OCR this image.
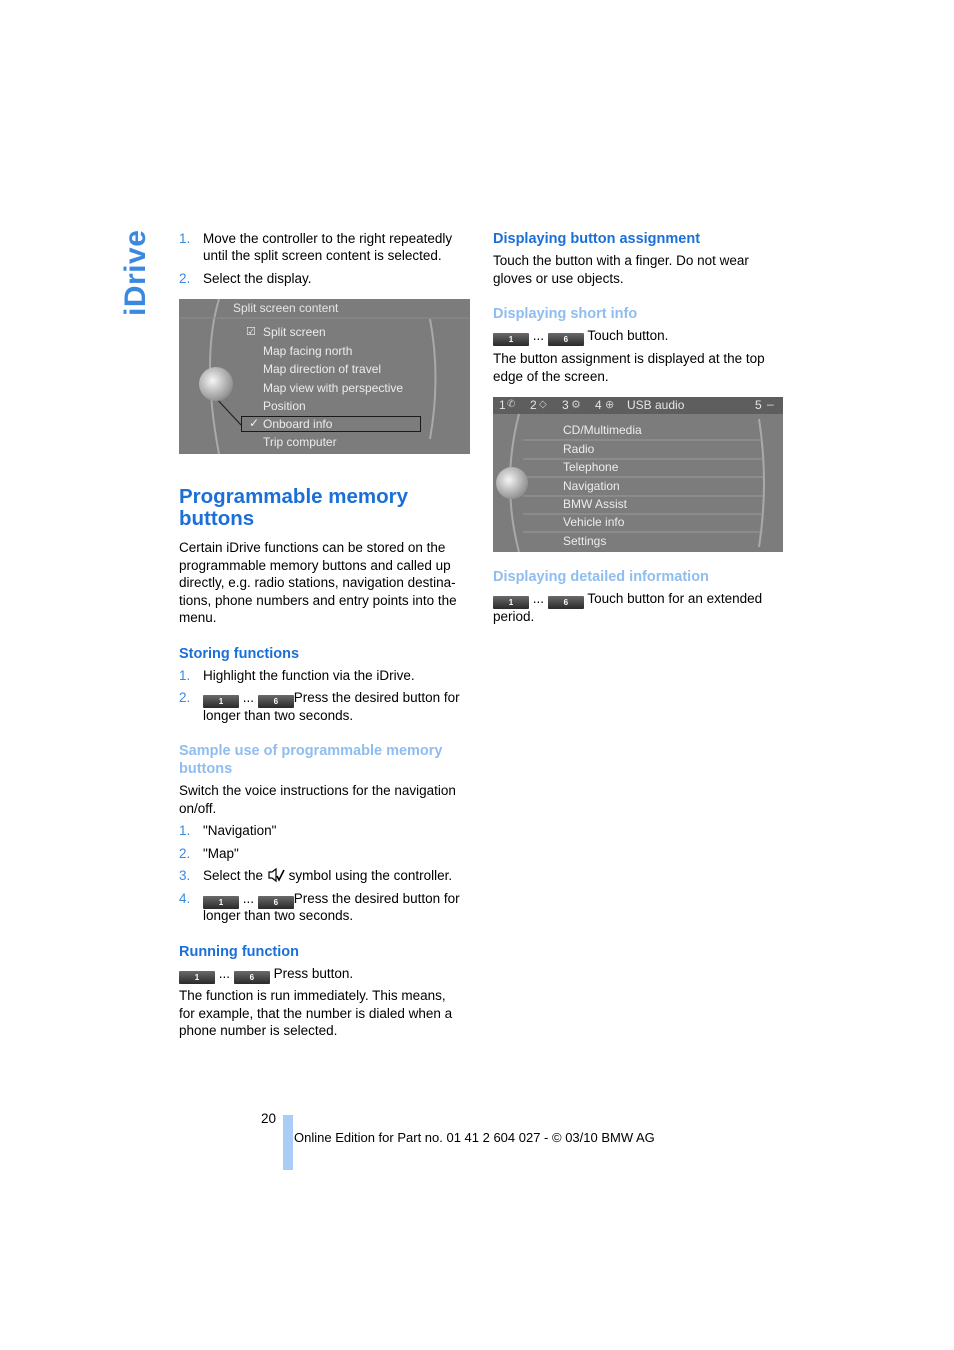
iDrive 1. Move the controller to the right repeatedly
until the split screen content is selected.
2. Select the display.
Split screen content
Split screen
☑
Map facing north
Map direction of travel
Map view with perspective
Position
✓ Onboard info
Trip computer
Programmable memory
buttons
Certain iDrive functions can be stored on the
programmable memory buttons and called up
directly, e.g. radio stations, navigation destina-
tions, phone numbers and entry points into the
menu.
Storing functions
1. Highlight the function via the iDrive.
2.	1 ... 6 Press the desired button for
longer than two seconds.
Sample use of programmable memory
buttons
Switch the voice instructions for the navigation
on/off.
1. "Navigation"
2. "Map"
3. Select the symbol using the controller.
4.	1 ... 6 Press the desired button for
longer than two seconds.
Running function
1 ... 6 Press button.
The function is run immediately. This means,
for example, that the number is dialed when a
phone number is selected.
Displaying button assignment
Touch the button with a finger. Do not wear
gloves or use objects.
Displaying short info
1 ... 6 Touch button.
The button assignment is displayed at the top
edge of the screen.
1 2 3 4
✆ ◇ ⚙ ⊕ USB audio	5 –
CD/Multimedia
Radio
Telephone
Navigation
BMW Assist
Vehicle info
Settings
Displaying detailed information
1 ... 6 Touch button for an extended
period.
20
Online Edition for Part no. 01 41 2 604 027 - © 03/10 BMW AG
